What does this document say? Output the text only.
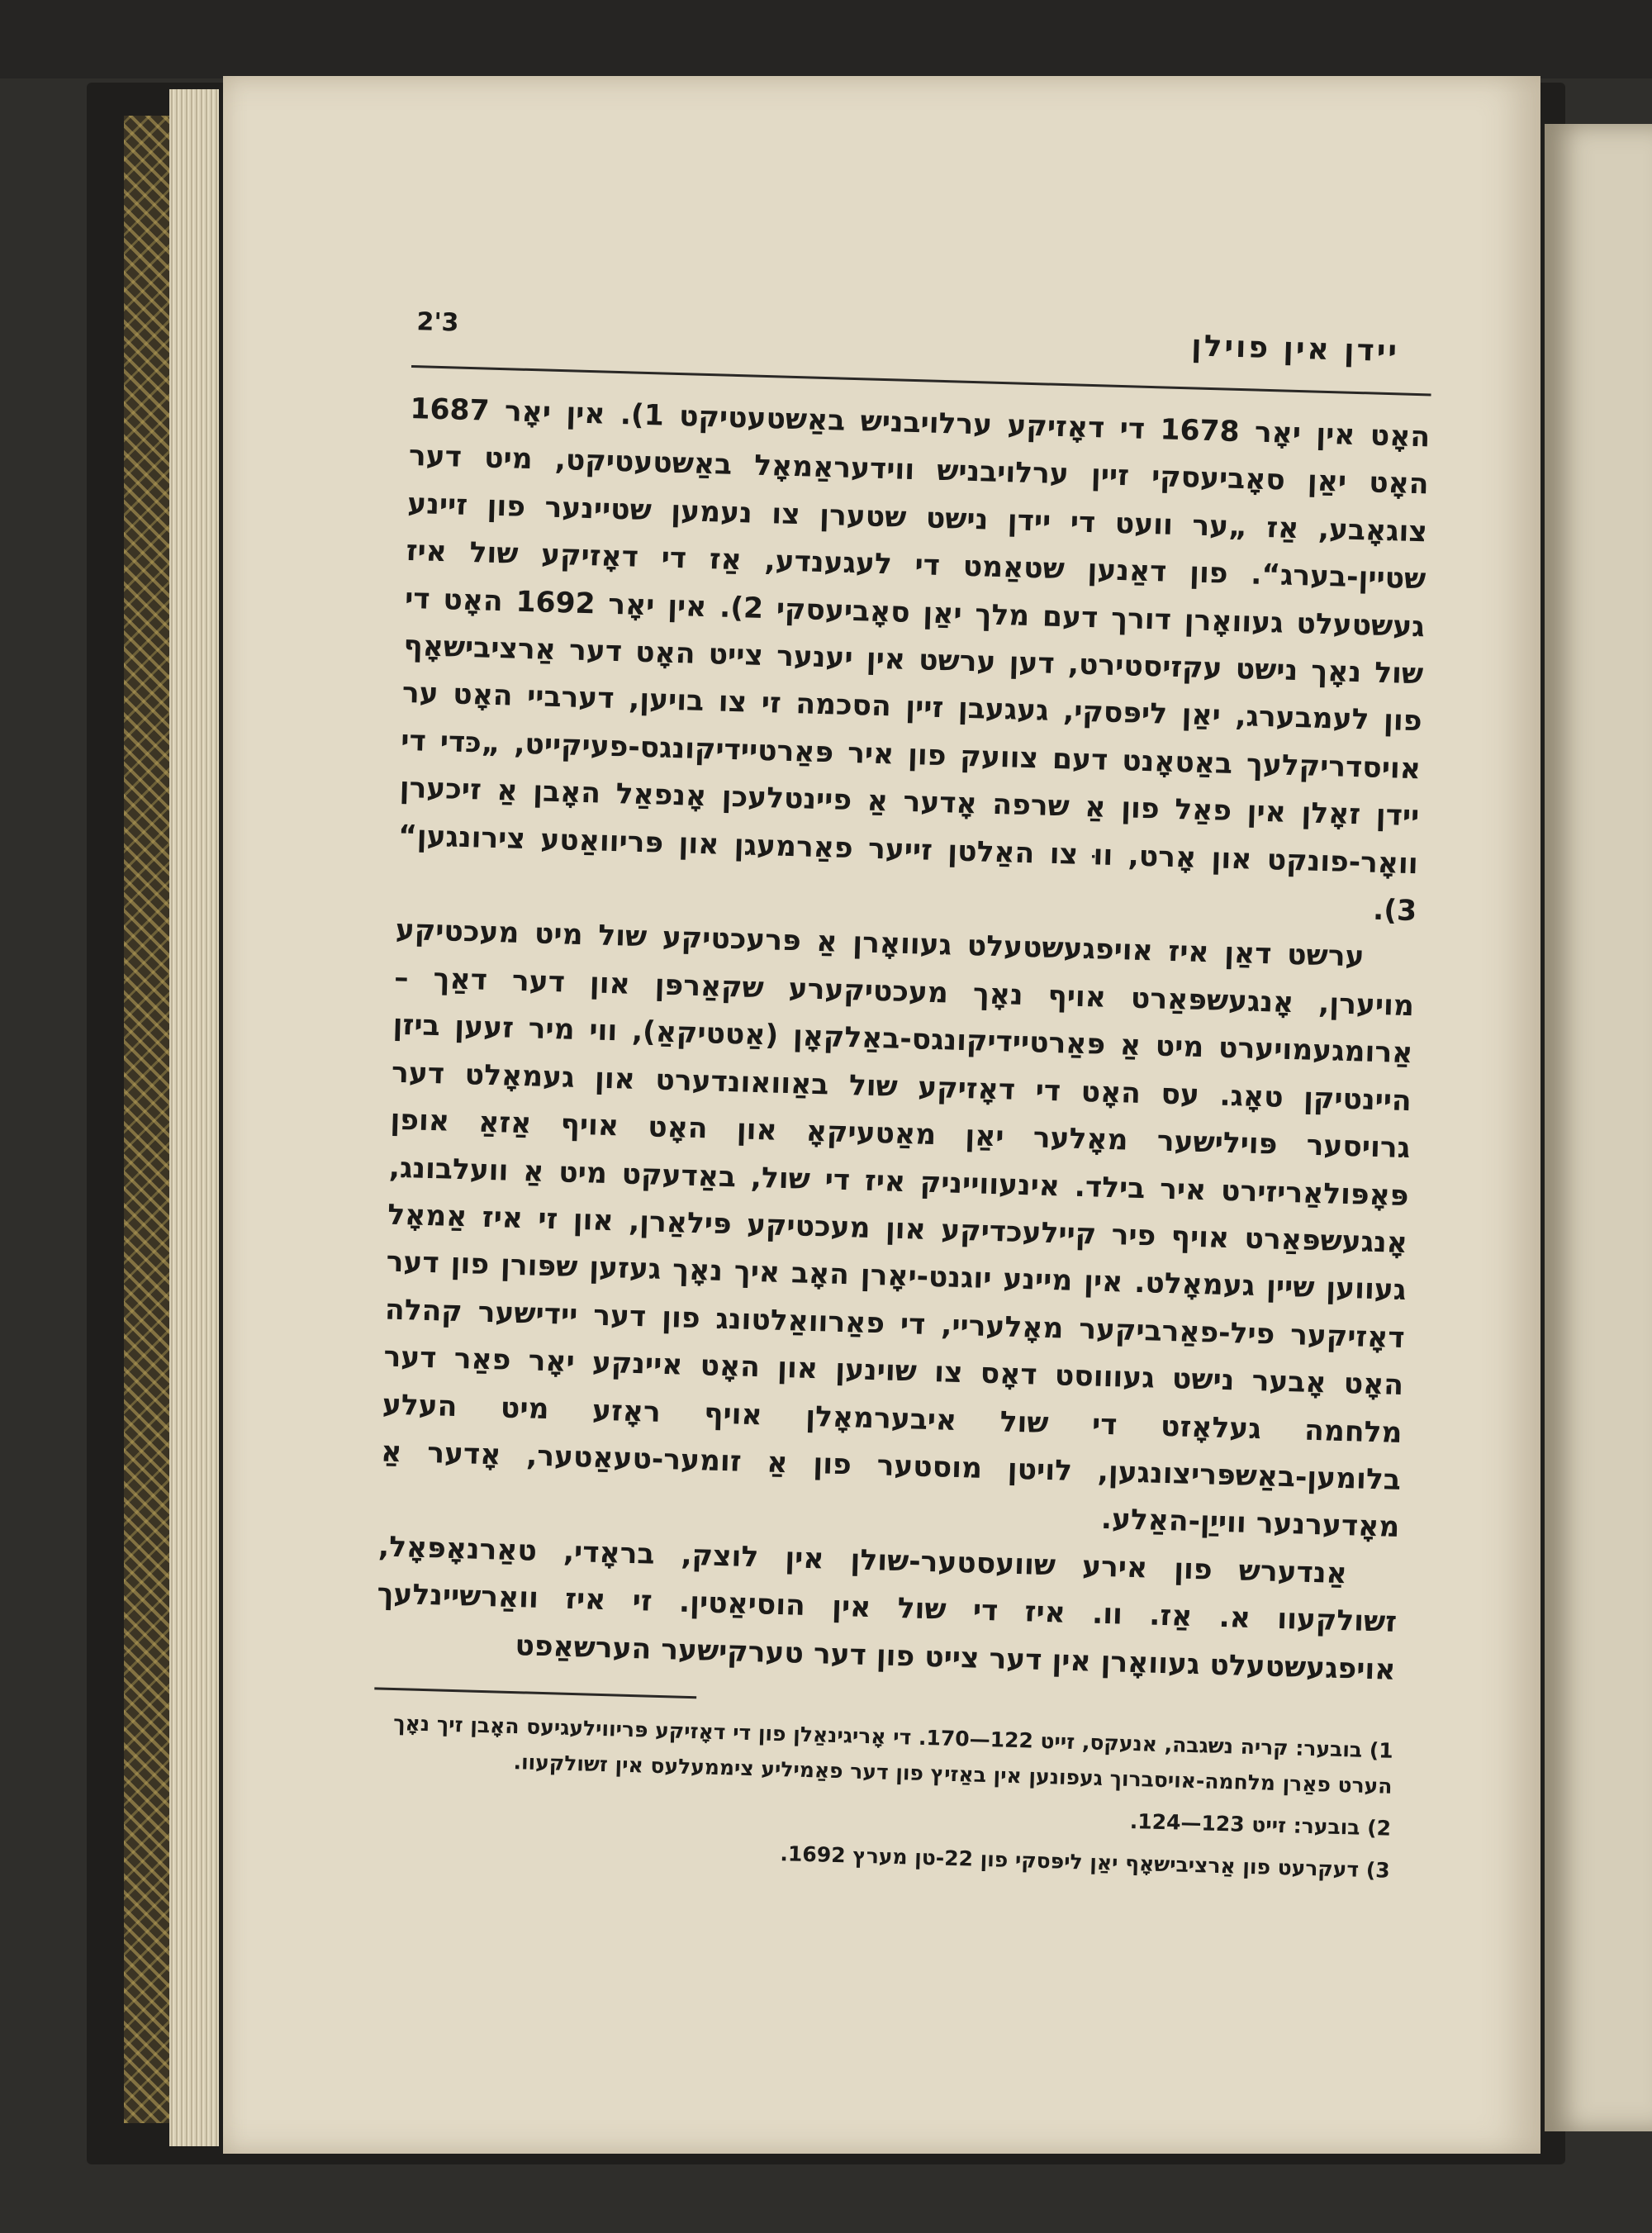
2'3
יידן אין פוילן

האָט אין יאָר 1678 די דאָזיקע ערלויבניש באַשטעטיקט 1). אין יאָר 1687 האָט יאַן סאָביעסקי זיין ערלויבניש ווידעראַמאָל באַשטעטיקט, מיט דער צוגאָבע, אַז „ער וועט די יידן נישט שטערן צו נעמען שטיינער פון זיינע שטיין-בערג“. פון דאַנען שטאַמט די לעגענדע, אַז די דאָזיקע שול איז געשטעלט געוואָרן דורך דעם מלך יאַן סאָביעסקי 2). אין יאָר 1692 האָט די שול נאָך נישט עקזיסטירט, דען ערשט אין יענער צייט האָט דער אַרציבישאָף פון לעמבערג, יאַן ליפּסקי, געגעבן זיין הסכמה זי צו בויען, דערביי האָט ער אויסדריקלעך באַטאָנט דעם צוועק פון איר פּאַרטיידיקונגס-פעיקייט, „כּדי די יידן זאָלן אין פאַל פון אַ שרפה אָדער אַ פיינטלעכן אָנפאַל האָבן אַ זיכערן וואָר-פונקט און אָרט, ווּ צו האַלטן זייער פאַרמעגן און פּריוואַטע צירונגען“ 3).

ערשט דאַן איז אויפגעשטעלט געוואָרן אַ פּרעכטיקע שול מיט מעכטיקע מויערן, אָנגעשפּאַרט אויף נאָך מעכטיקערע שקאַרפּן און דער דאַך – אַרומגעמויערט מיט אַ פּאַרטיידיקונגס-באַלקאָן (אַטטיקאַ), ווי מיר זעען ביזן היינטיקן טאָג. עס האָט די דאָזיקע שול באַוואונדערט און געמאָלט דער גרויסער פּוילישער מאָלער יאַן מאַטעיקאָ און האָט אויף אַזאַ אופן פּאָפּולאַריזירט איר בילד. אינעווייניק איז די שול, באַדעקט מיט אַ וועלבונג, אָנגעשפּאַרט אויף פיר קיילעכדיקע און מעכטיקע פּילאַרן, און זי איז אַמאָל געווען שיין געמאָלט. אין מיינע יוגנט-יאָרן האָב איך נאָך געזען שפּורן פון דער דאָזיקער פיל-פאַרביקער מאָלעריי, די פאַרוואַלטונג פון דער יידישער קהלה האָט אָבער נישט געוווסט דאָס צו שוינען און האָט איינקע יאָר פאַר דער מלחמה געלאָזט די שול איבערמאָלן אויף ראָזע מיט העלע בלומען-באַשפּריצונגען, לויטן מוסטער פון אַ זומער-טעאַטער, אָדער אַ מאָדערנער ווייַן-האַלע.

אַנדערש פון אירע שוועסטער-שולן אין לוצק, בראָדי, טאַרנאָפּאָל, זשולקעוו א. אַז. וו. איז די שול אין הוסיאַטין. זי איז וואַרשיינלעך אויפגעשטעלט געוואָרן אין דער צייט פון דער טערקישער הערשאַפט

1) בובער: קריה נשגבה, אנעקס, זייט 122—170. די אָריגינאַלן פון די דאָזיקע פּריווילעגיעס האָבן זיך נאָך הערט פאַרן מלחמה-אויסברוך געפונען אין באַזיץ פון דער פאַמיליע ציממעלעס אין זשולקעוו.

2) בובער: זייט 123—124.

3) דעקרעט פון אַרציבישאָף יאַן ליפּסקי פון 22-טן מערץ 1692.
